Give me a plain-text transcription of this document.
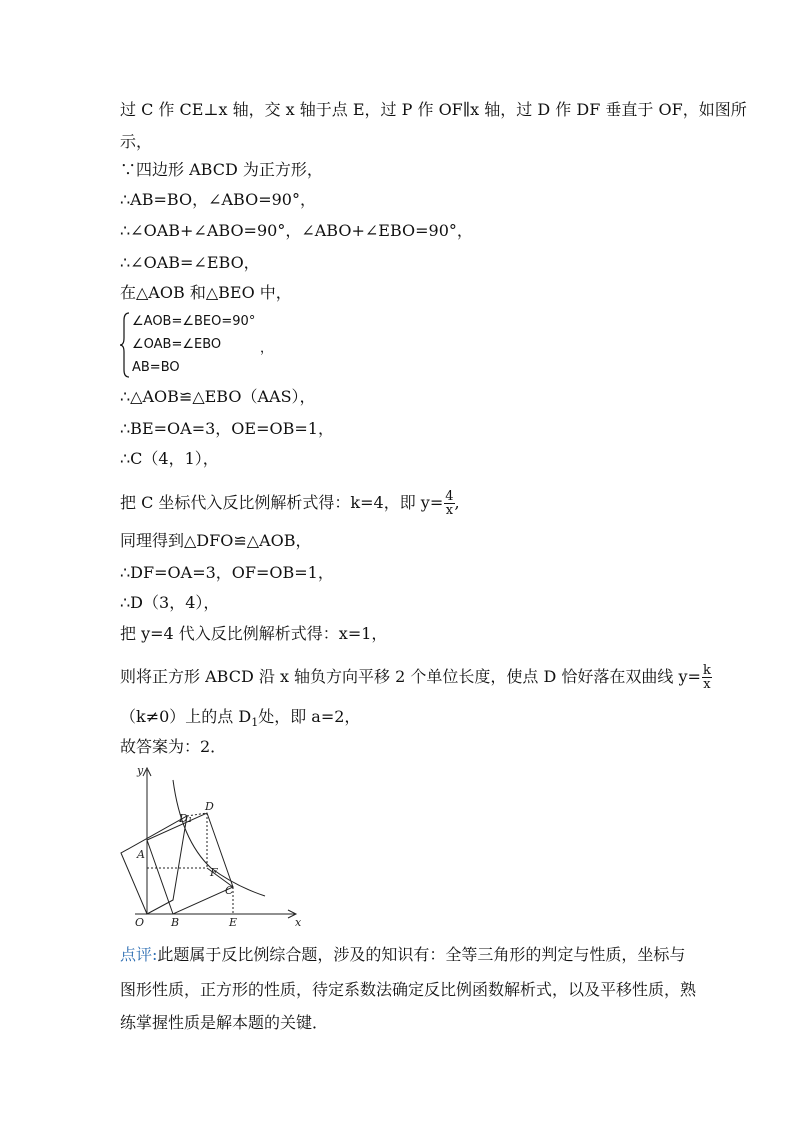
过 C 作 CE⊥x 轴，交 x 轴于点 E，过 P 作 OF∥x 轴，过 D 作 DF 垂直于 OF，如图所
示，
∵四边形 ABCD 为正方形，
∴AB=BO，∠ABO=90°，
∴∠OAB+∠ABO=90°，∠ABO+∠EBO=90°，
∴∠OAB=∠EBO，
在△AOB 和△BEO 中，
∠AOB=∠BEO=90°
∠OAB=∠EBO
AB=BO
，
∴△AOB≌△EBO（AAS），
∴BE=OA=3，OE=OB=1，
∴C（4，1），
把 C 坐标代入反比例解析式得：k=4，即 $y= \frac{4}{x}$ ,
同理得到△DFO≌△AOB，
∴DF=OA=3，OF=OB=1，
∴D（3，4），
把 y=4 代入反比例解析式得：x=1，
则将正方形 ABCD 沿 x 轴负方向平移 2 个单位长度，使点 D 恰好落在双曲线 $y= \frac{k}{x}$
（k≠0）上的点 $D_1$处，即 a=2，
故答案为：2．
y
x
O B	E
A
D₁
D
F
C
点评:此题属于反比例综合题，涉及的知识有：全等三角形的判定与性质，坐标与
图形性质，正方形的性质，待定系数法确定反比例函数解析式，以及平移性质，熟
练掌握性质是解本题的关键．
